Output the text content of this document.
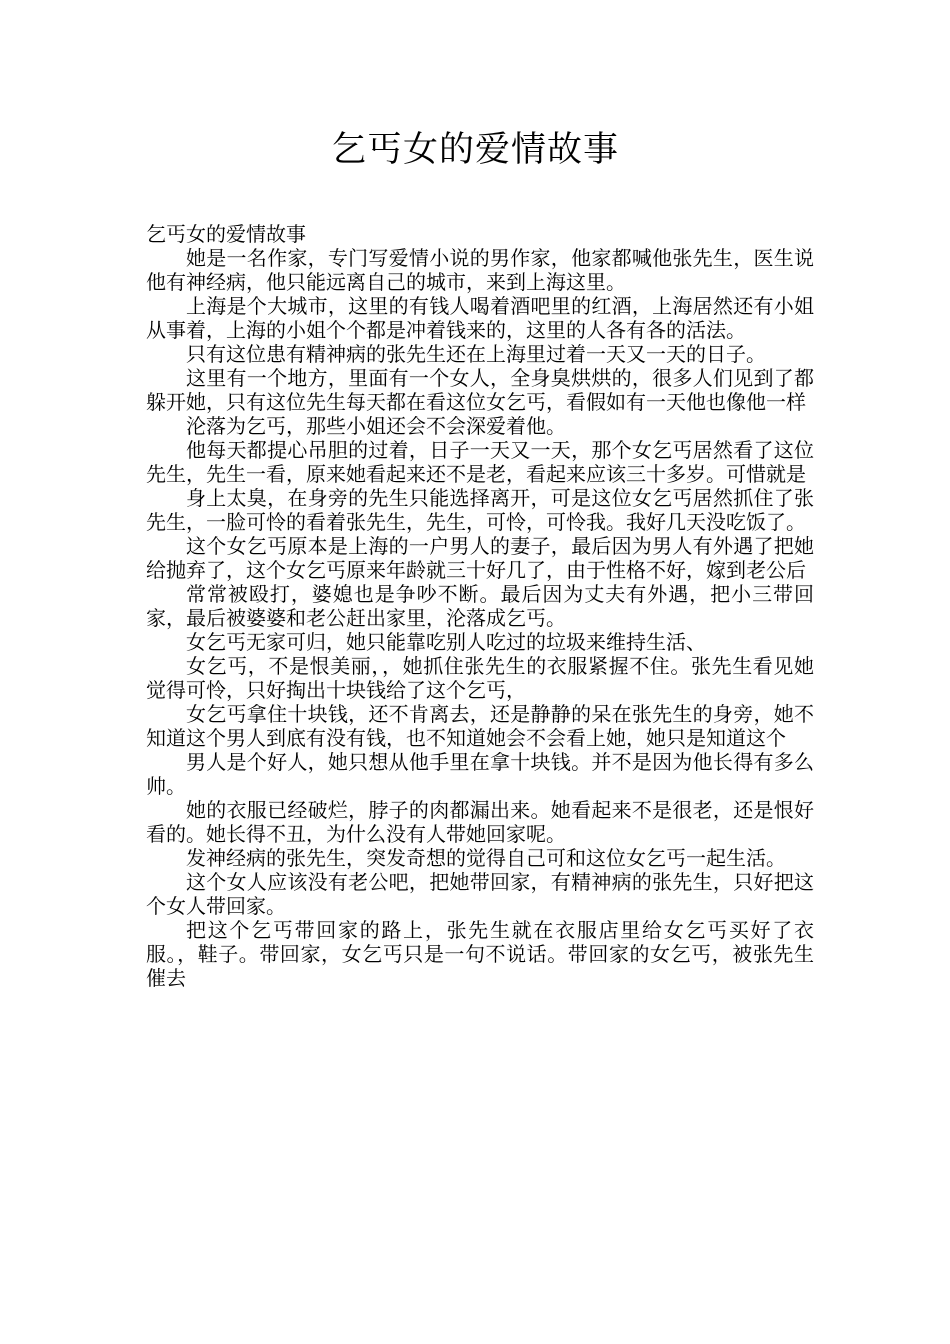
乞丐女的爱情故事

乞丐女的爱情故事

她是一名作家，专门写爱情小说的男作家，他家都喊他张先生，医生说他有神经病，他只能远离自己的城市，来到上海这里。

上海是个大城市，这里的有钱人喝着酒吧里的红酒，上海居然还有小姐从事着，上海的小姐个个都是冲着钱来的，这里的人各有各的活法。

只有这位患有精神病的张先生还在上海里过着一天又一天的日子。

这里有一个地方，里面有一个女人，全身臭烘烘的，很多人们见到了都躲开她，只有这位先生每天都在看这位女乞丐，看假如有一天他也像他一样

沦落为乞丐，那些小姐还会不会深爱着他。

他每天都提心吊胆的过着，日子一天又一天，那个女乞丐居然看了这位先生，先生一看，原来她看起来还不是老，看起来应该三十多岁。可惜就是

身上太臭，在身旁的先生只能选择离开，可是这位女乞丐居然抓住了张先生，一脸可怜的看着张先生，先生，可怜，可怜我。我好几天没吃饭了。

这个女乞丐原本是上海的一户男人的妻子，最后因为男人有外遇了把她给抛弃了，这个女乞丐原来年龄就三十好几了，由于性格不好，嫁到老公后

常常被殴打，婆媳也是争吵不断。最后因为丈夫有外遇，把小三带回家，最后被婆婆和老公赶出家里，沦落成乞丐。

女乞丐无家可归，她只能靠吃别人吃过的垃圾来维持生活、

女乞丐，不是恨美丽，，她抓住张先生的衣服紧握不住。张先生看见她觉得可怜，只好掏出十块钱给了这个乞丐，

女乞丐拿住十块钱，还不肯离去，还是静静的呆在张先生的身旁，她不知道这个男人到底有没有钱，也不知道她会不会看上她，她只是知道这个

男人是个好人，她只想从他手里在拿十块钱。并不是因为他长得有多么帅。

她的衣服已经破烂，脖子的肉都漏出来。她看起来不是很老，还是恨好看的。她长得不丑，为什么没有人带她回家呢。

发神经病的张先生，突发奇想的觉得自己可和这位女乞丐一起生活。

这个女人应该没有老公吧，把她带回家，有精神病的张先生，只好把这个女人带回家。

把这个乞丐带回家的路上，张先生就在衣服店里给女乞丐买好了衣服。，鞋子。带回家，女乞丐只是一句不说话。带回家的女乞丐，被张先生催去
